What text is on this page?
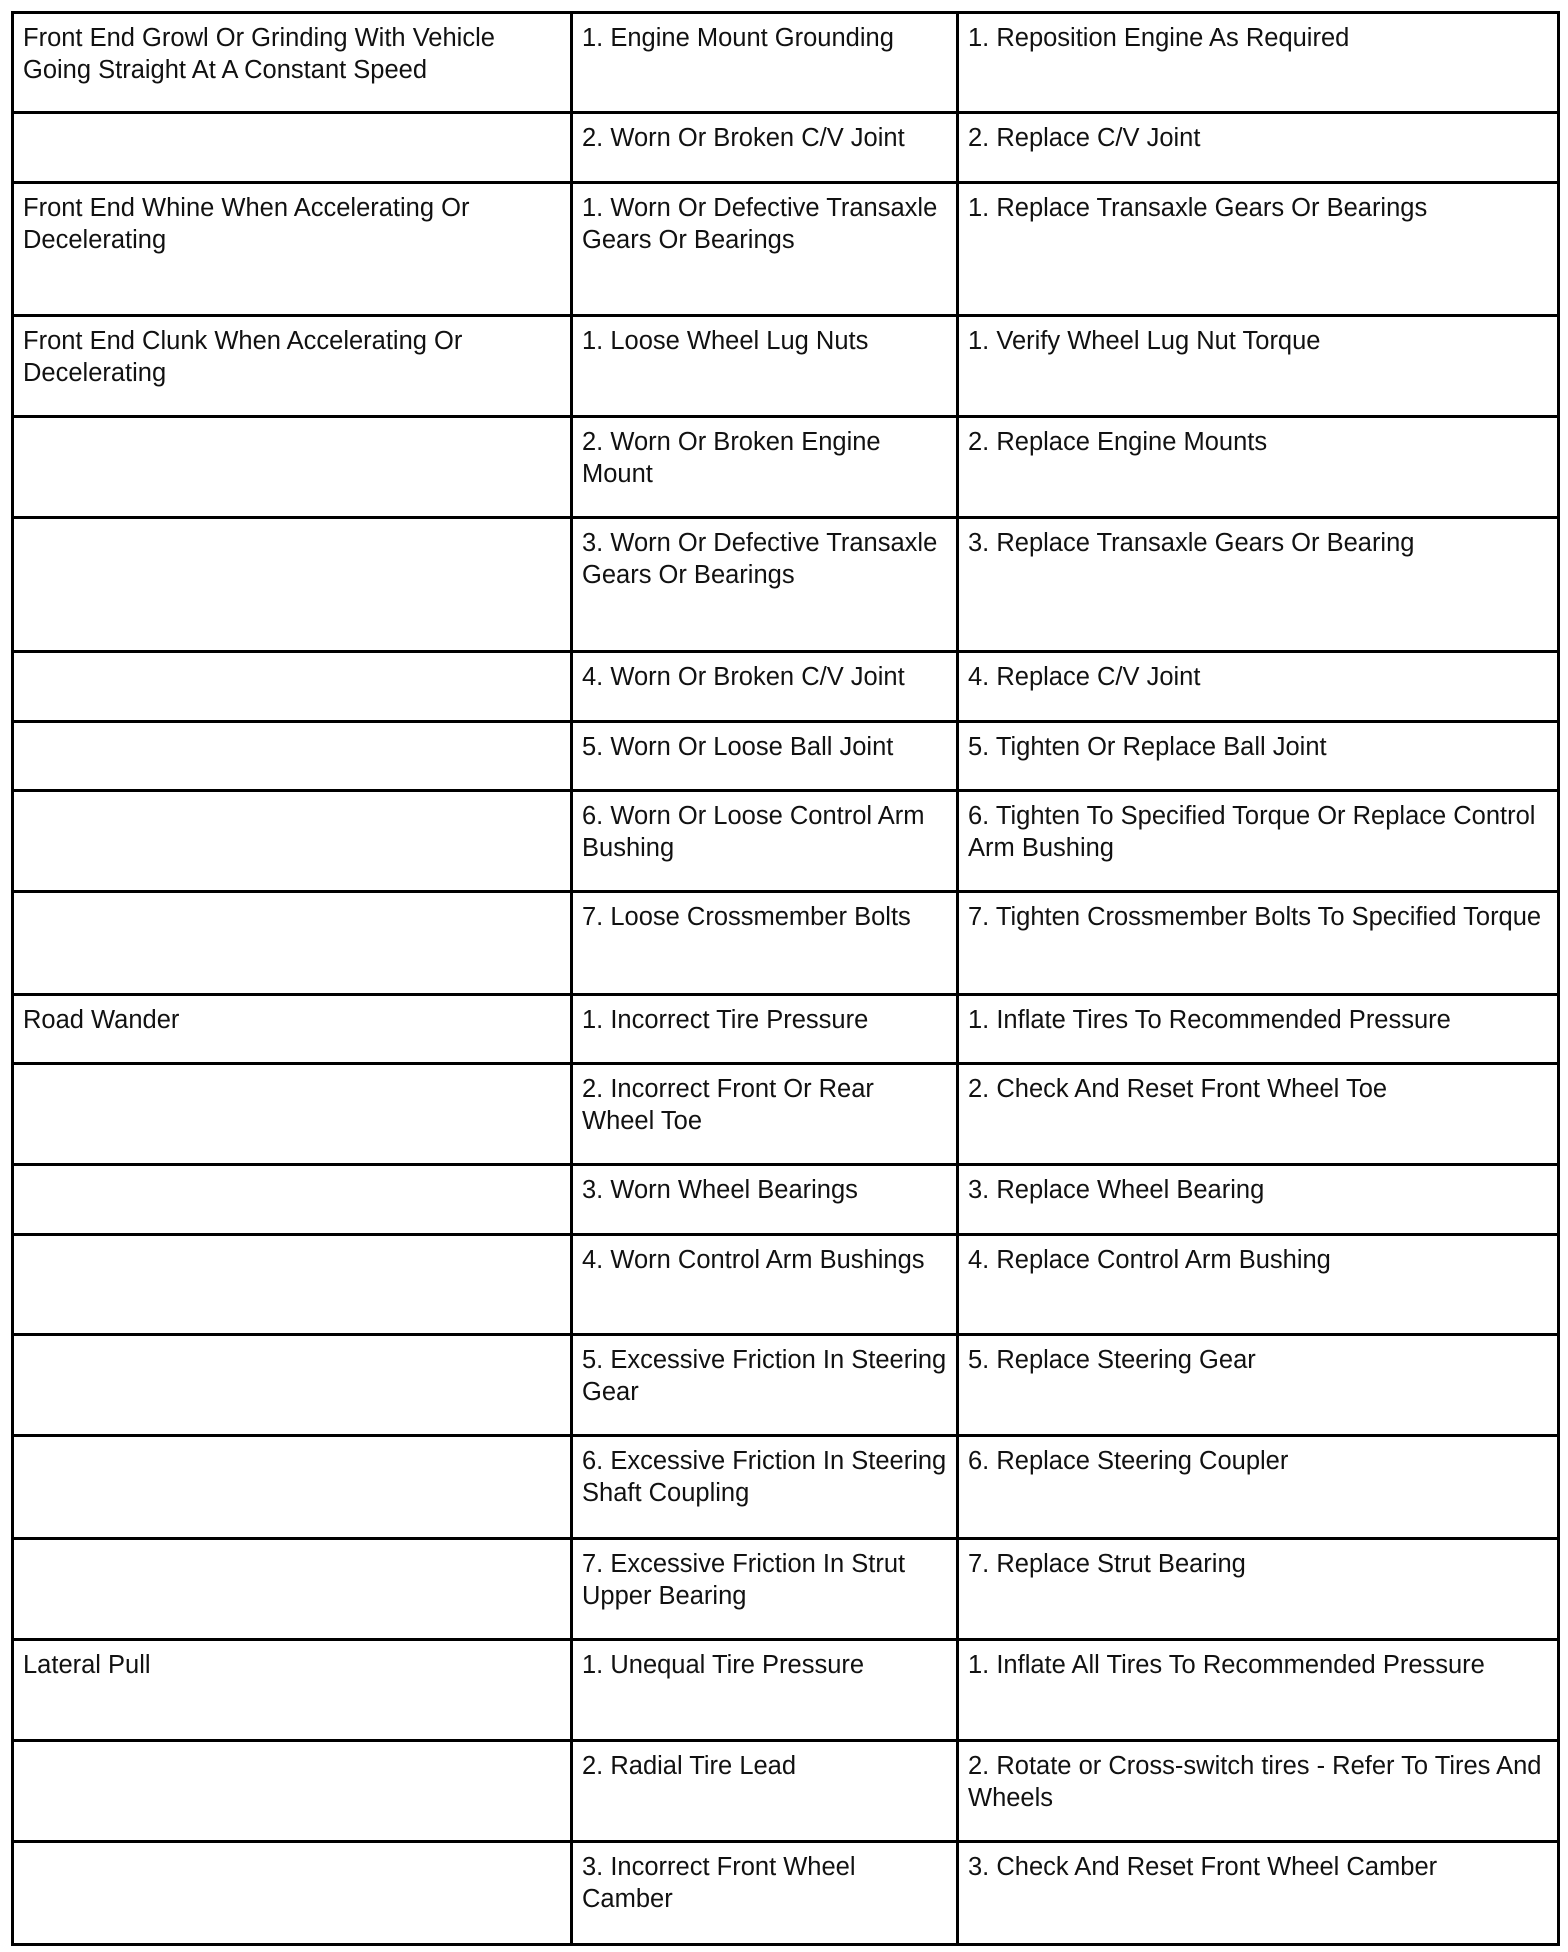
Front End Growl Or Grinding With Vehicle Going Straight At A Constant Speed	1. Engine Mount Grounding	1. Reposition Engine As Required
	2. Worn Or Broken C/V Joint	2. Replace C/V Joint
Front End Whine When Accelerating Or Decelerating	1. Worn Or Defective Transaxle Gears Or Bearings	1. Replace Transaxle Gears Or Bearings
Front End Clunk When Accelerating Or Decelerating	1. Loose Wheel Lug Nuts	1. Verify Wheel Lug Nut Torque
	2. Worn Or Broken Engine Mount	2. Replace Engine Mounts
	3. Worn Or Defective Transaxle Gears Or Bearings	3. Replace Transaxle Gears Or Bearing
	4. Worn Or Broken C/V Joint	4. Replace C/V Joint
	5. Worn Or Loose Ball Joint	5. Tighten Or Replace Ball Joint
	6. Worn Or Loose Control Arm Bushing	6. Tighten To Specified Torque Or Replace Control Arm Bushing
	7. Loose Crossmember Bolts	7. Tighten Crossmember Bolts To Specified Torque
Road Wander	1. Incorrect Tire Pressure	1. Inflate Tires To Recommended Pressure
	2. Incorrect Front Or Rear Wheel Toe	2. Check And Reset Front Wheel Toe
	3. Worn Wheel Bearings	3. Replace Wheel Bearing
	4. Worn Control Arm Bushings	4. Replace Control Arm Bushing
	5. Excessive Friction In Steering Gear	5. Replace Steering Gear
	6. Excessive Friction In Steering Shaft Coupling	6. Replace Steering Coupler
	7. Excessive Friction In Strut Upper Bearing	7. Replace Strut Bearing
Lateral Pull	1. Unequal Tire Pressure	1. Inflate All Tires To Recommended Pressure
	2. Radial Tire Lead	2. Rotate or Cross-switch tires - Refer To Tires And Wheels
	3. Incorrect Front Wheel Camber	3. Check And Reset Front Wheel Camber
